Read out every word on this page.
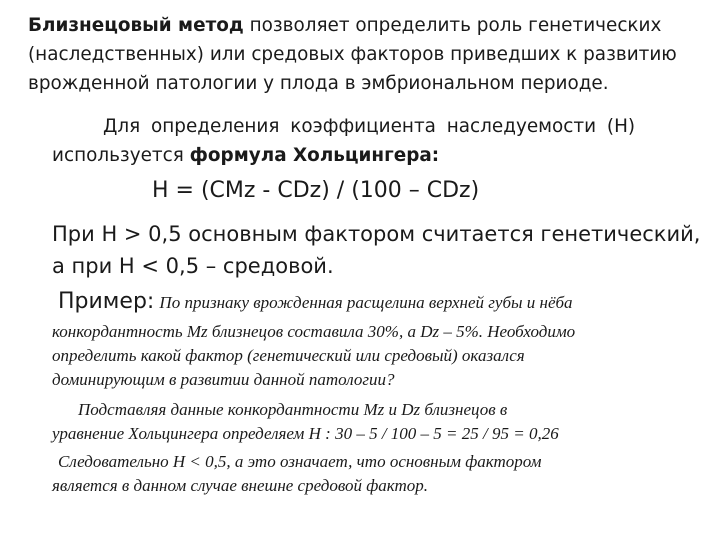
Близнецовый метод позволяет определить роль генетических
(наследственных) или средовых факторов приведших к развитию
врожденной патологии у плода в эмбриональном периоде.
Для определения коэффициента наследуемости (Н)
используется формула Хольцингера:
Н = (СМz - CDz) / (100 – CDz)
При Н > 0,5 основным фактором считается генетический,
а при Н < 0,5 – средовой.
Пример: По признаку врожденная расщелина верхней губы и нёба
конкордантность Mz близнецов составила 30%, а Dz – 5%. Необходимо
определить какой фактор (генетический или средовый) оказался
доминирующим в развитии данной патологии?
Подставляя данные конкордантности Mz и Dz близнецов в
уравнение Хольцингера определяем Н : 30 – 5 / 100 – 5 = 25 / 95 = 0,26
Следовательно Н < 0,5, а это означает, что основным фактором
является в данном случае внешне средовой фактор.
